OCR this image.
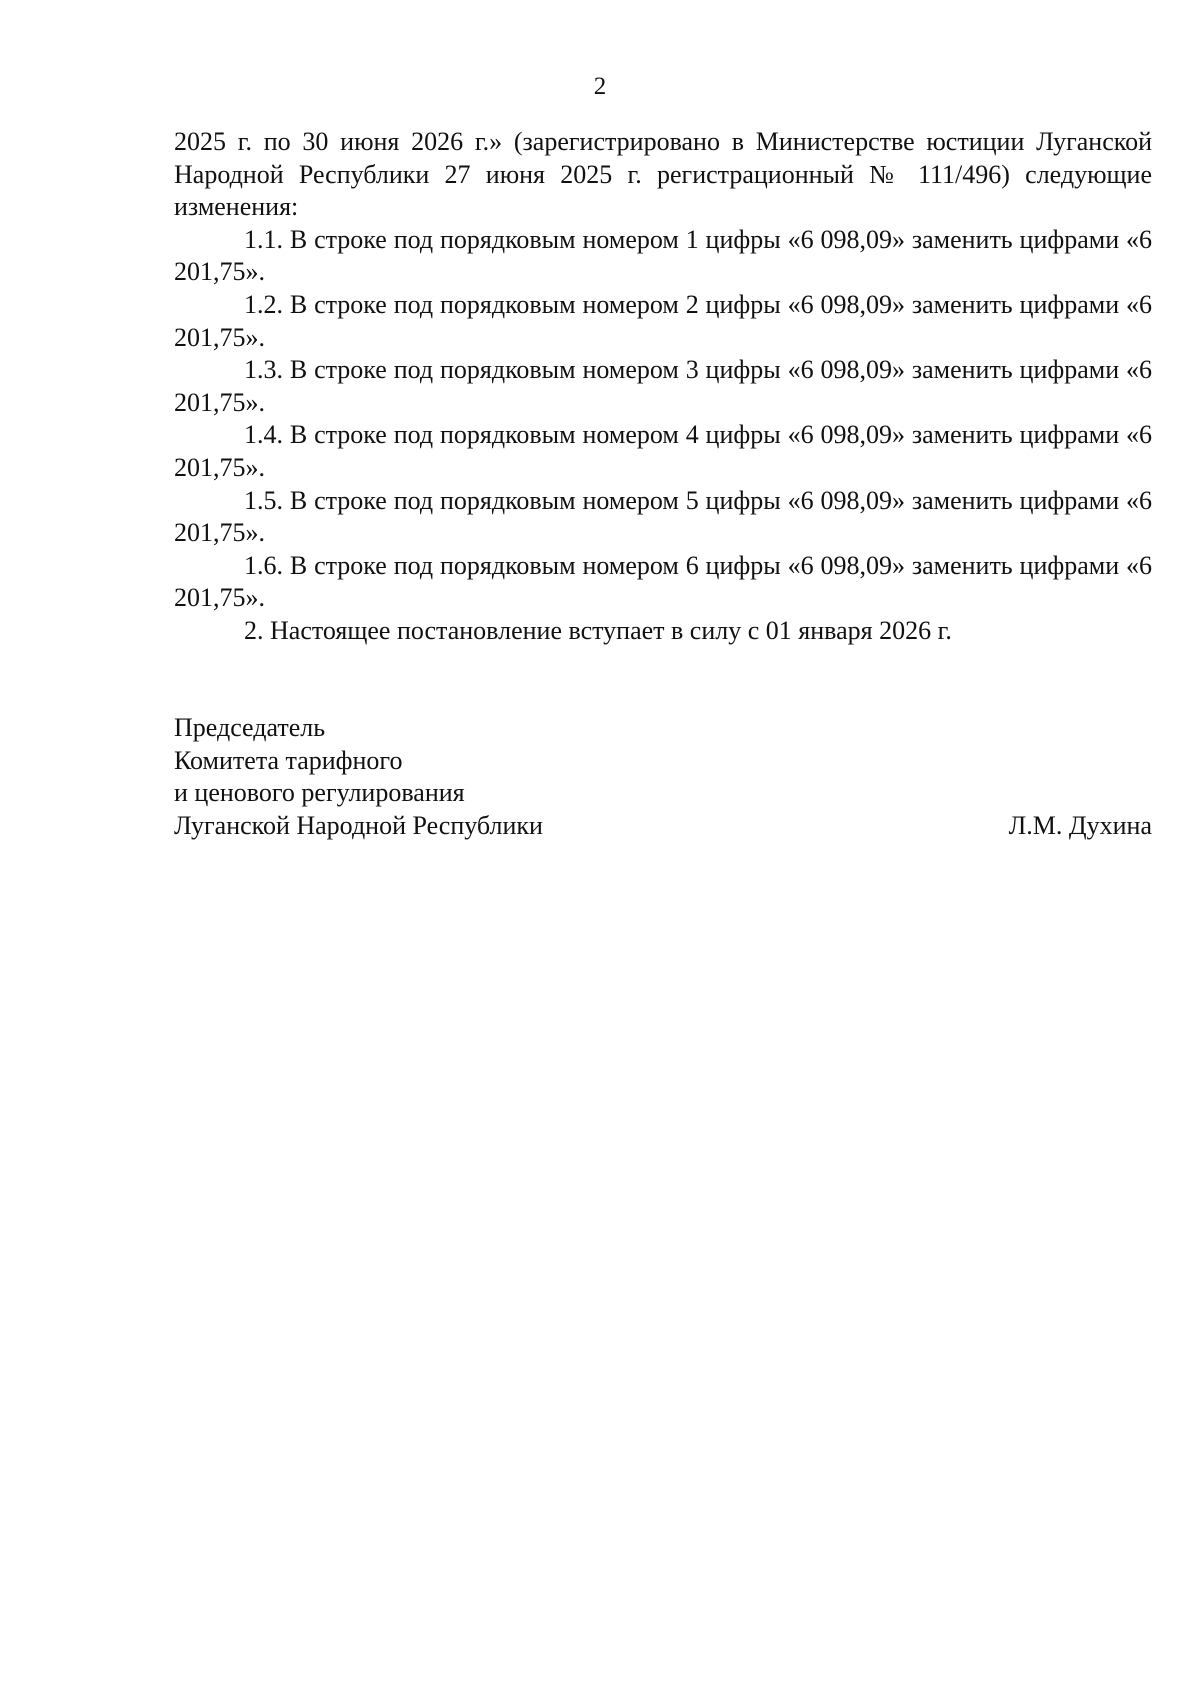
2

2025 г. по 30 июня 2026 г.» (зарегистрировано в Министерстве юстиции Луганской Народной Республики 27 июня 2025 г. регистрационный № 111/496) следующие изменения:

1.1. В строке под порядковым номером 1 цифры «6 098,09» заменить цифрами «6 201,75».

1.2. В строке под порядковым номером 2 цифры «6 098,09» заменить цифрами «6 201,75».

1.3. В строке под порядковым номером 3 цифры «6 098,09» заменить цифрами «6 201,75».

1.4. В строке под порядковым номером 4 цифры «6 098,09» заменить цифрами «6 201,75».

1.5. В строке под порядковым номером 5 цифры «6 098,09» заменить цифрами «6 201,75».

1.6. В строке под порядковым номером 6 цифры «6 098,09» заменить цифрами «6 201,75».

2. Настоящее постановление вступает в силу с 01 января 2026 г.

Председатель
Комитета тарифного
и ценового регулирования
Луганской Народной Республики	Л.М. Духина
